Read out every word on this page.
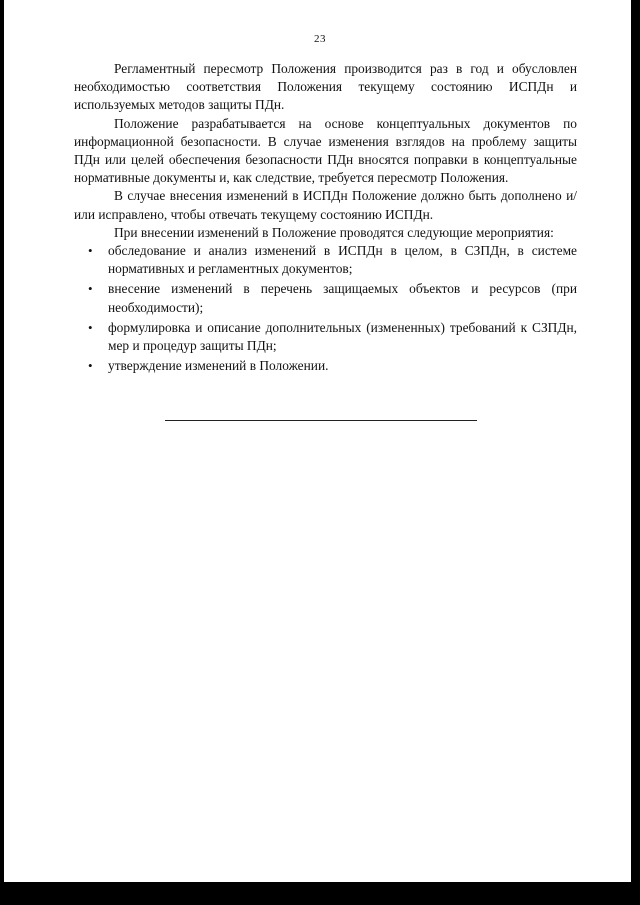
23

Регламентный пересмотр Положения производится раз в год и обусловлен необходимостью соответствия Положения текущему состоянию ИСПДн и используемых методов защиты ПДн.

Положение разрабатывается на основе концептуальных документов по информационной безопасности. В случае изменения взглядов на проблему защиты ПДн или целей обеспечения безопасности ПДн вносятся поправки в концептуальные нормативные документы и, как следствие, требуется пересмотр Положения.

В случае внесения изменений в ИСПДн Положение должно быть дополнено и/или исправлено, чтобы отвечать текущему состоянию ИСПДн.

При внесении изменений в Положение проводятся следующие мероприятия:

• обследование и анализ изменений в ИСПДн в целом, в СЗПДн, в системе нормативных и регламентных документов;
• внесение изменений в перечень защищаемых объектов и ресурсов (при необходимости);
• формулировка и описание дополнительных (измененных) требований к СЗПДн, мер и процедур защиты ПДн;
• утверждение изменений в Положении.
